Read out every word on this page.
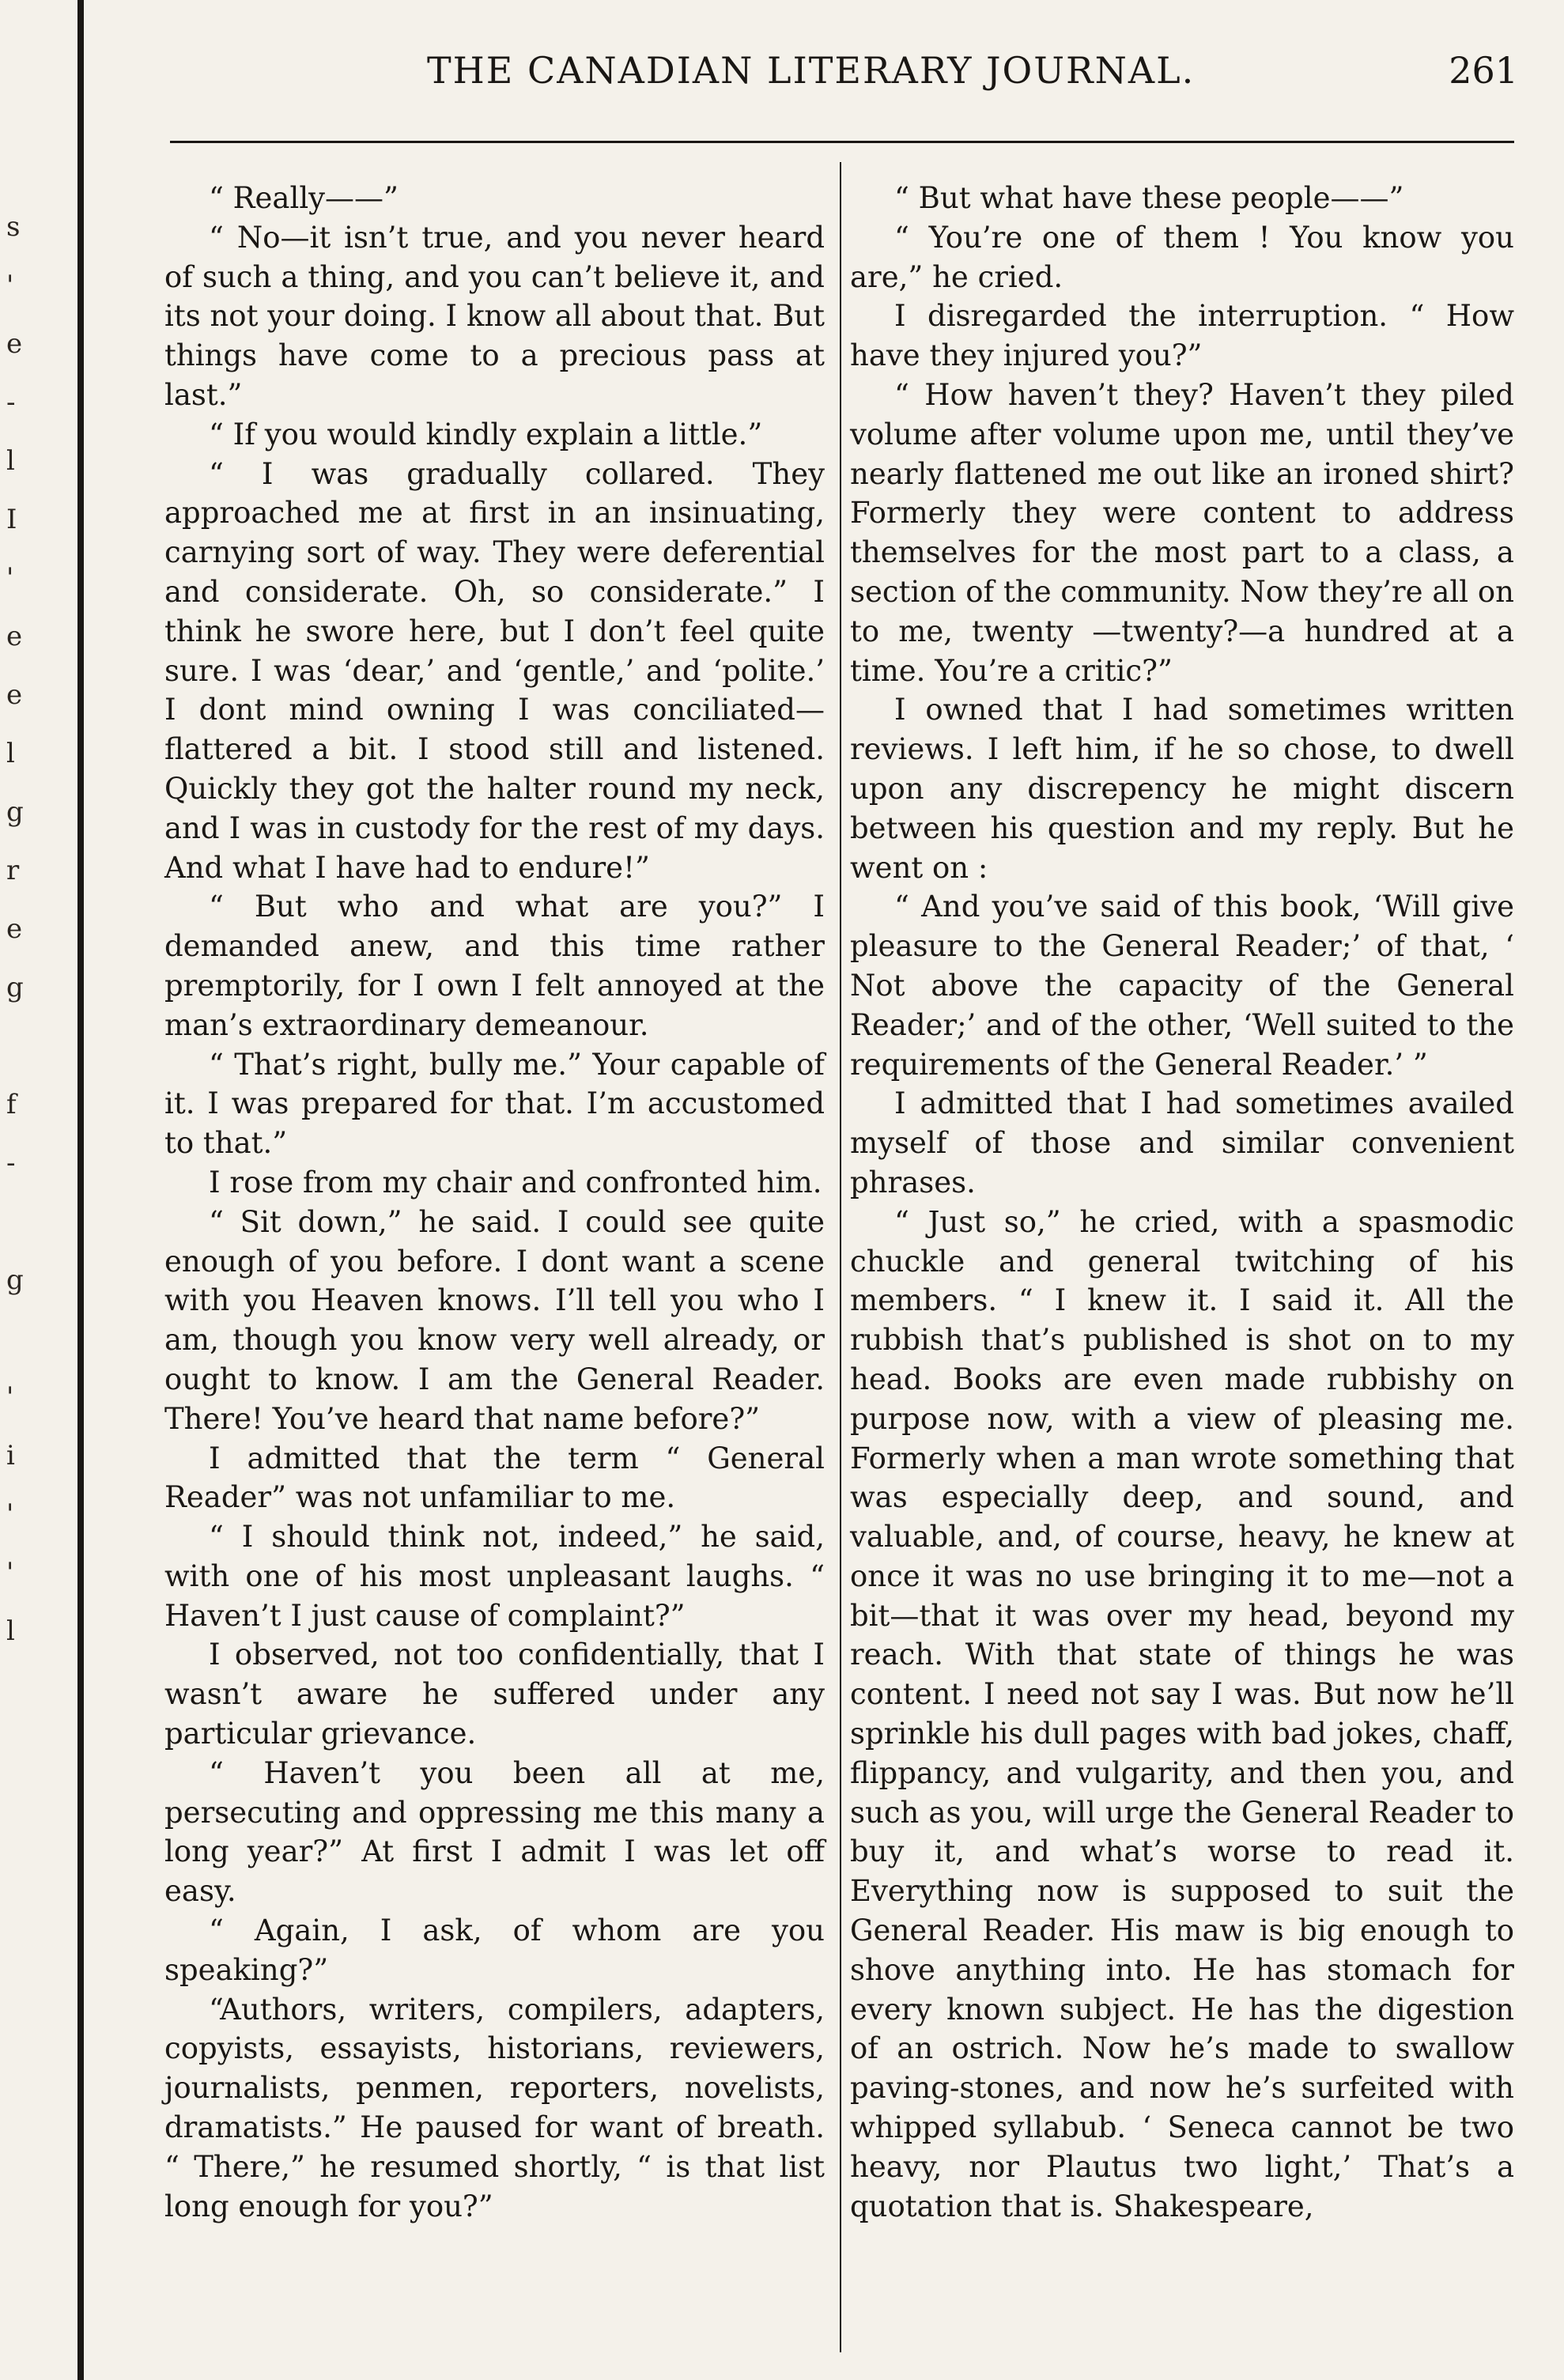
s
'
e
-
l
I
'
e
e
l
g
r
e
g
f
-
g
'
i
'
'
l
THE CANADIAN LITERARY JOURNAL.	261

“ Really——”

“ No—it isn’t true, and you never heard of such a thing, and you can’t believe it, and its not your doing. I know all about that. But things have come to a precious pass at last.”

“ If you would kindly explain a little.”

“ I was gradually collared. They approached me at first in an insinuating, carnying sort of way. They were deferential and considerate. Oh, so considerate.” I think he swore here, but I don’t feel quite sure. I was ‘dear,’ and ‘gentle,’ and ‘polite.’ I dont mind owning I was conciliated—flattered a bit. I stood still and listened. Quickly they got the halter round my neck, and I was in custody for the rest of my days. And what I have had to endure!”

“ But who and what are you?” I demanded anew, and this time rather premptorily, for I own I felt annoyed at the man’s extraordinary demeanour.

“ That’s right, bully me.” Your capable of it. I was prepared for that. I’m accustomed to that.”

I rose from my chair and confronted him.

“ Sit down,” he said. I could see quite enough of you before. I dont want a scene with you Heaven knows. I’ll tell you who I am, though you know very well already, or ought to know. I am the General Reader. There! You’ve heard that name before?”

I admitted that the term “ General Reader” was not unfamiliar to me.

“ I should think not, indeed,” he said, with one of his most unpleasant laughs. “ Haven’t I just cause of complaint?”

I observed, not too confidentially, that I wasn’t aware he suffered under any particular grievance.

“ Haven’t you been all at me, persecuting and oppressing me this many a long year?” At first I admit I was let off easy.

“ Again, I ask, of whom are you speaking?”

“Authors, writers, compilers, adapters, copyists, essayists, historians, reviewers, journalists, penmen, reporters, novelists, dramatists.” He paused for want of breath. “ There,” he resumed shortly, “ is that list long enough for you?”

“ But what have these people——”

“ You’re one of them ! You know you are,” he cried.

I disregarded the interruption. “ How have they injured you?”

“ How haven’t they? Haven’t they piled volume after volume upon me, until they’ve nearly flattened me out like an ironed shirt? Formerly they were content to address themselves for the most part to a class, a section of the community. Now they’re all on to me, twenty —twenty?—a hundred at a time. You’re a critic?”

I owned that I had sometimes written reviews. I left him, if he so chose, to dwell upon any discrepency he might discern between his question and my reply. But he went on :

“ And you’ve said of this book, ‘Will give pleasure to the General Reader;’ of that, ‘ Not above the capacity of the General Reader;’ and of the other, ‘Well suited to the requirements of the General Reader.’ ”

I admitted that I had sometimes availed myself of those and similar convenient phrases.

“ Just so,” he cried, with a spasmodic chuckle and general twitching of his members. “ I knew it. I said it. All the rubbish that’s published is shot on to my head. Books are even made rubbishy on purpose now, with a view of pleasing me. Formerly when a man wrote something that was especially deep, and sound, and valuable, and, of course, heavy, he knew at once it was no use bringing it to me—not a bit—that it was over my head, beyond my reach. With that state of things he was content. I need not say I was. But now he’ll sprinkle his dull pages with bad jokes, chaff, flippancy, and vulgarity, and then you, and such as you, will urge the General Reader to buy it, and what’s worse to read it. Everything now is supposed to suit the General Reader. His maw is big enough to shove anything into. He has stomach for every known subject. He has the digestion of an ostrich. Now he’s made to swallow paving-stones, and now he’s surfeited with whipped syllabub. ‘ Seneca cannot be two heavy, nor Plautus two light,’ That’s a quotation that is. Shakespeare,
